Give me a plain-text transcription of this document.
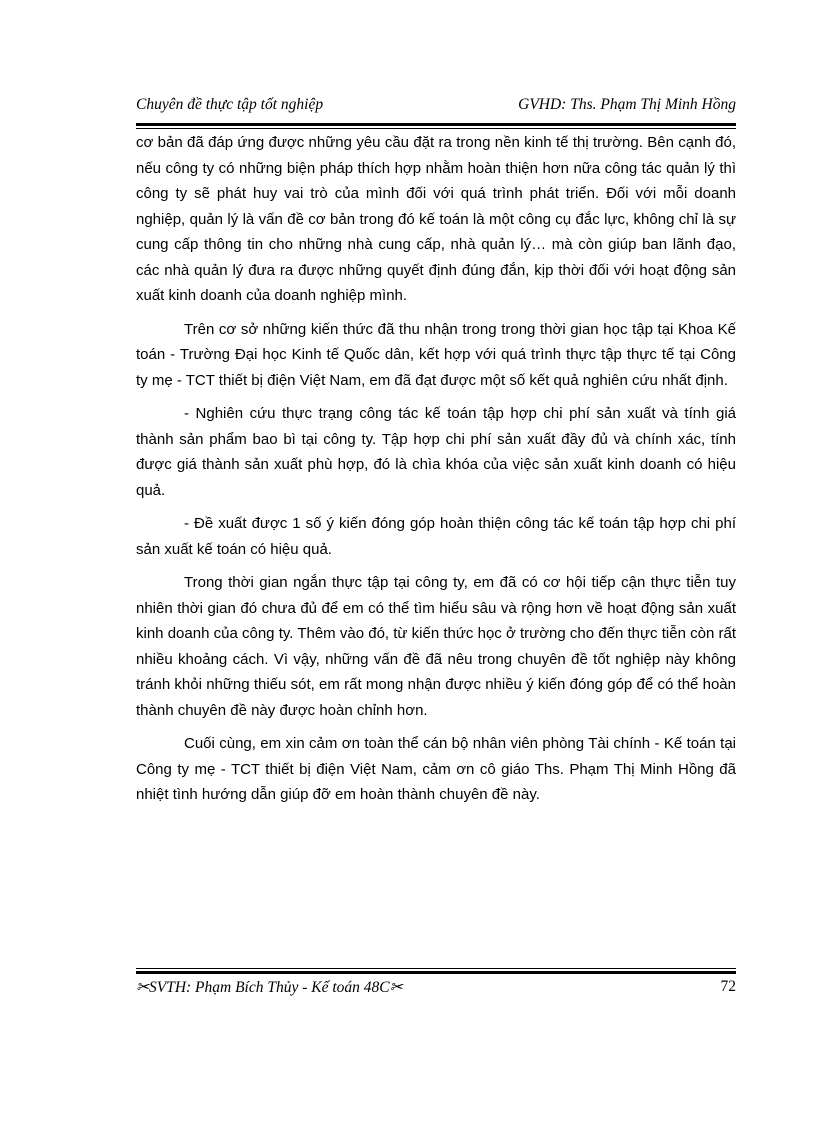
Chuyên đề thực tập tốt nghiệp	GVHD: Ths. Phạm Thị Minh Hồng

cơ bản đã đáp ứng được những yêu cầu đặt ra trong nền kinh tế thị trường. Bên cạnh đó, nếu công ty có những biện pháp thích hợp nhằm hoàn thiện hơn nữa công tác quản lý thì công ty sẽ phát huy vai trò của mình đối với quá trình phát triển. Đối với mỗi doanh nghiệp, quản lý là vấn đề cơ bản trong đó kế toán là một công cụ đắc lực, không chỉ là sự cung cấp thông tin cho những nhà cung cấp, nhà quản lý… mà còn giúp ban lãnh đạo, các nhà quản lý đưa ra được những quyết định đúng đắn, kịp thời đối với hoạt động sản xuất kinh doanh của doanh nghiệp mình.

Trên cơ sở những kiến thức đã thu nhận trong trong thời gian học tập tại Khoa Kế toán - Trường Đại học Kinh tế Quốc dân, kết hợp với quá trình thực tập thực tế tại Công ty mẹ - TCT thiết bị điện Việt Nam, em đã đạt được một số kết quả nghiên cứu nhất định.

- Nghiên cứu thực trạng công tác kế toán tập hợp chi phí sản xuất và tính giá thành sản phẩm bao bì tại công ty. Tập hợp chi phí sản xuất đầy đủ và chính xác, tính được giá thành sản xuất phù hợp, đó là chìa khóa của việc sản xuất kinh doanh có hiệu quả.

- Đề xuất được 1 số ý kiến đóng góp hoàn thiện công tác kế toán tập hợp chi phí sản xuất kế toán có hiệu quả.

Trong thời gian ngắn thực tập tại công ty, em đã có cơ hội tiếp cận thực tiễn tuy nhiên thời gian đó chưa đủ để em có thể tìm hiểu sâu và rộng hơn về hoạt động sản xuất kinh doanh của công ty. Thêm vào đó, từ kiến thức học ở trường cho đến thực tiễn còn rất nhiều khoảng cách. Vì vậy, những vấn đề đã nêu trong chuyên đề tốt nghiệp này không tránh khỏi những thiếu sót, em rất mong nhận được nhiều ý kiến đóng góp để có thể hoàn thành chuyên đề này được hoàn chỉnh hơn.

Cuối cùng, em xin cảm ơn toàn thể cán bộ nhân viên phòng Tài chính - Kế toán tại Công ty mẹ - TCT thiết bị điện Việt Nam, cảm ơn cô giáo Ths. Phạm Thị Minh Hồng đã nhiệt tình hướng dẫn giúp đỡ em hoàn thành chuyên đề này.

✂SVTH: Phạm Bích Thủy - Kế toán 48C✂	72
